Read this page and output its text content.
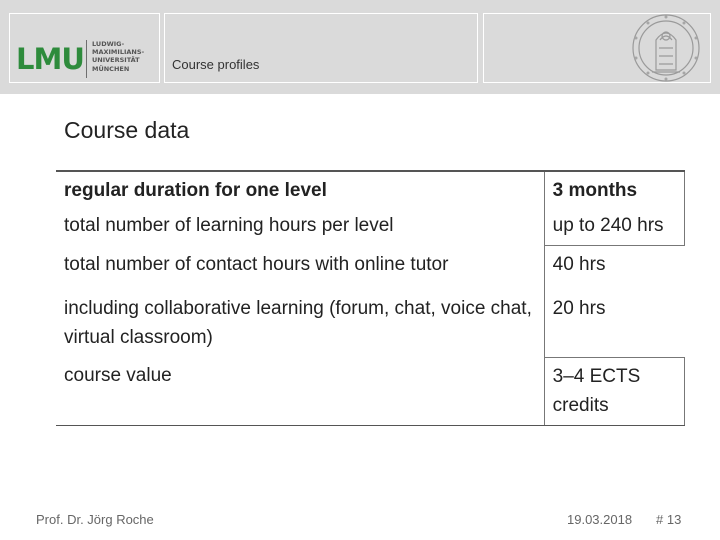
LMU LUDWIG-
MAXIMILIANS-
UNIVERSITÄT
MÜNCHEN	Course profiles
Course data
regular duration for one level	3 months
total number of learning hours per level	up to 240 hrs
total number of contact hours with online tutor	40 hrs
including collaborative learning (forum, chat, voice chat, virtual classroom)	20 hrs
course value	3–4 ECTS credits
Prof. Dr. Jörg Roche	19.03.2018 # 13
